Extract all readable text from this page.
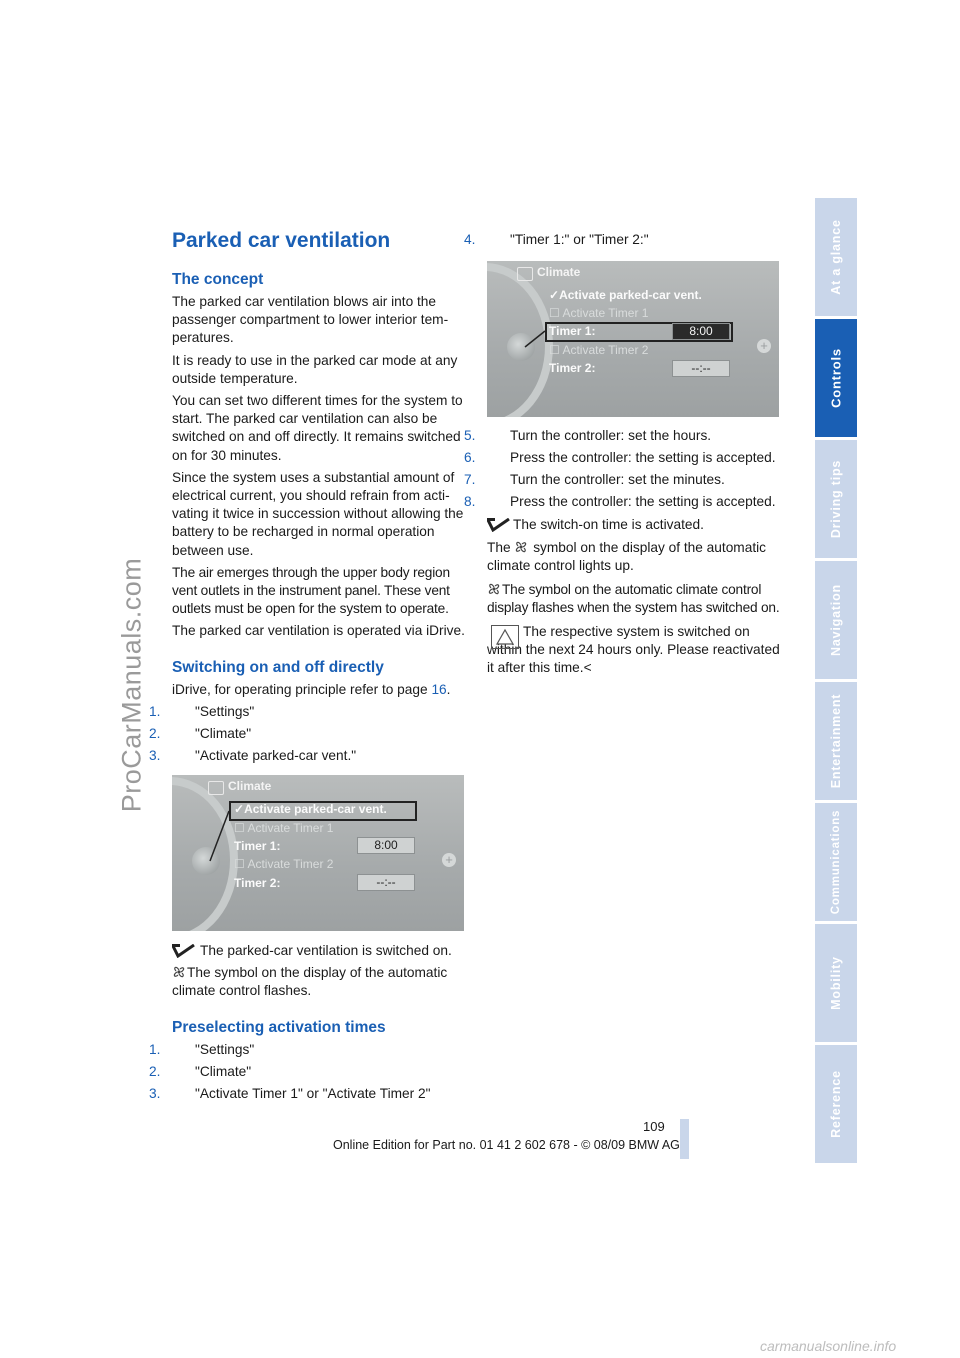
ProCarManuals.com
At a glance
Controls
Driving tips
Navigation
Entertainment
Communications
Mobility
Reference
Parked car ventilation
The concept
The parked car ventilation blows air into the passenger compartment to lower interior tem-peratures.
It is ready to use in the parked car mode at any outside temperature.
You can set two different times for the system to start. The parked car ventilation can also be switched on and off directly. It remains switched on for 30 minutes.
Since the system uses a substantial amount of electrical current, you should refrain from acti-vating it twice in succession without allowing the battery to be recharged in normal operation between use.
The air emerges through the upper body region vent outlets in the instrument panel. These vent outlets must be open for the system to operate.
The parked car ventilation is operated via iDrive.
Switching on and off directly
iDrive, for operating principle refer to page 16.
1.	"Settings"
2.	"Climate"
3.	"Activate parked-car vent."
+
Climate
✓Activate parked-car vent.
☐ Activate Timer 1
Timer 1:	8:00
☐ Activate Timer 2
Timer 2:	--:--
The parked-car ventilation is switched on.
The symbol on the display of the automatic climate control flashes.
Preselecting activation times
1.	"Settings"
2.	"Climate"
3.	"Activate Timer 1" or "Activate Timer 2"
4.	"Timer 1:" or "Timer 2:"
+
Climate
✓Activate parked-car vent.
☐ Activate Timer 1
Timer 1:	8:00
☐ Activate Timer 2
Timer 2:	--:--
5.	Turn the controller: set the hours.
6.	Press the controller: the setting is accepted.
7.	Turn the controller: set the minutes.
8.	Press the controller: the setting is accepted.
The switch-on time is activated.
The
symbol on the display of the automatic climate control lights up.
The symbol on the automatic climate control display flashes when the system has switched on.
The respective system is switched on within the next 24 hours only. Please reactivated it after this time.<
109
Online Edition for Part no. 01 41 2 602 678 - © 08/09 BMW AG
carmanualsonline.info
